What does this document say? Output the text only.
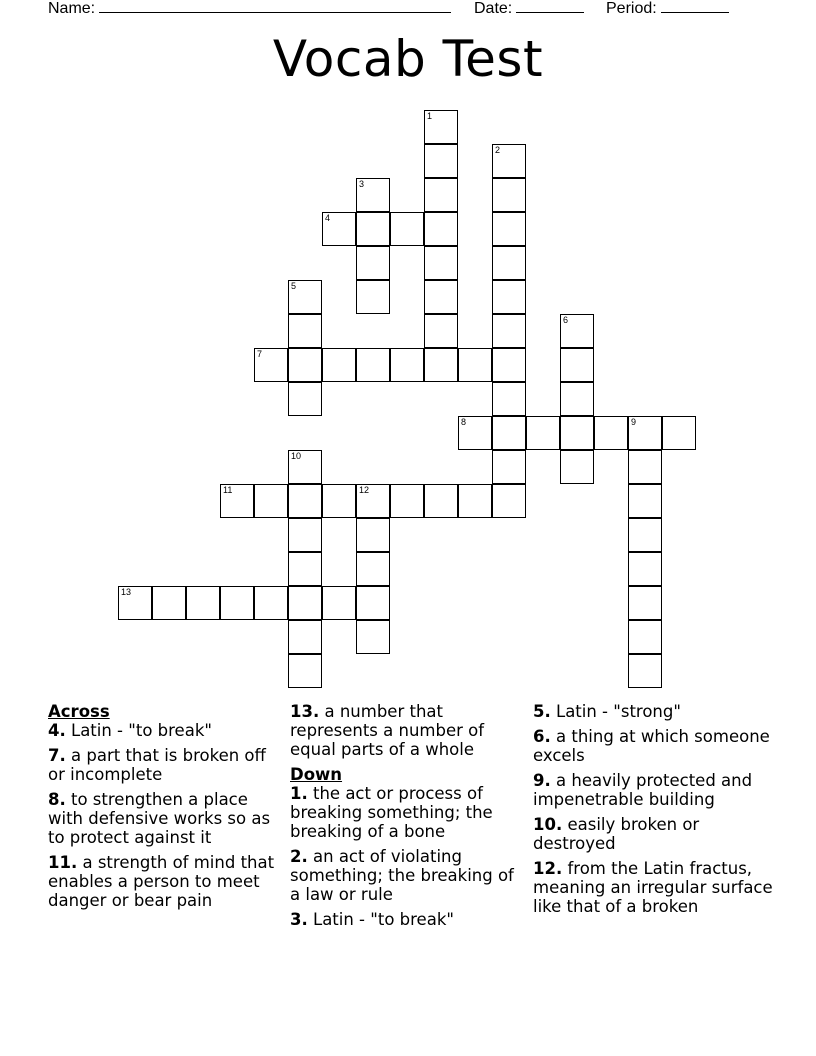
Name:	Date:	Period:
Vocab Test
1
2
3
4
5
6
7
8	9
10
11	12
13
Across
4. Latin - "to break"
7. a part that is broken off or incomplete
8. to strengthen a place with defensive works so as to protect against it
11. a strength of mind that enables a person to meet danger or bear pain
13. a number that represents a number of equal parts of a whole
Down
1. the act or process of breaking something; the breaking of a bone
2. an act of violating something; the breaking of a law or rule
3. Latin - "to break"
5. Latin - "strong"
6. a thing at which someone excels
9. a heavily protected and impenetrable building
10. easily broken or destroyed
12. from the Latin fractus, meaning an irregular surface like that of a broken
